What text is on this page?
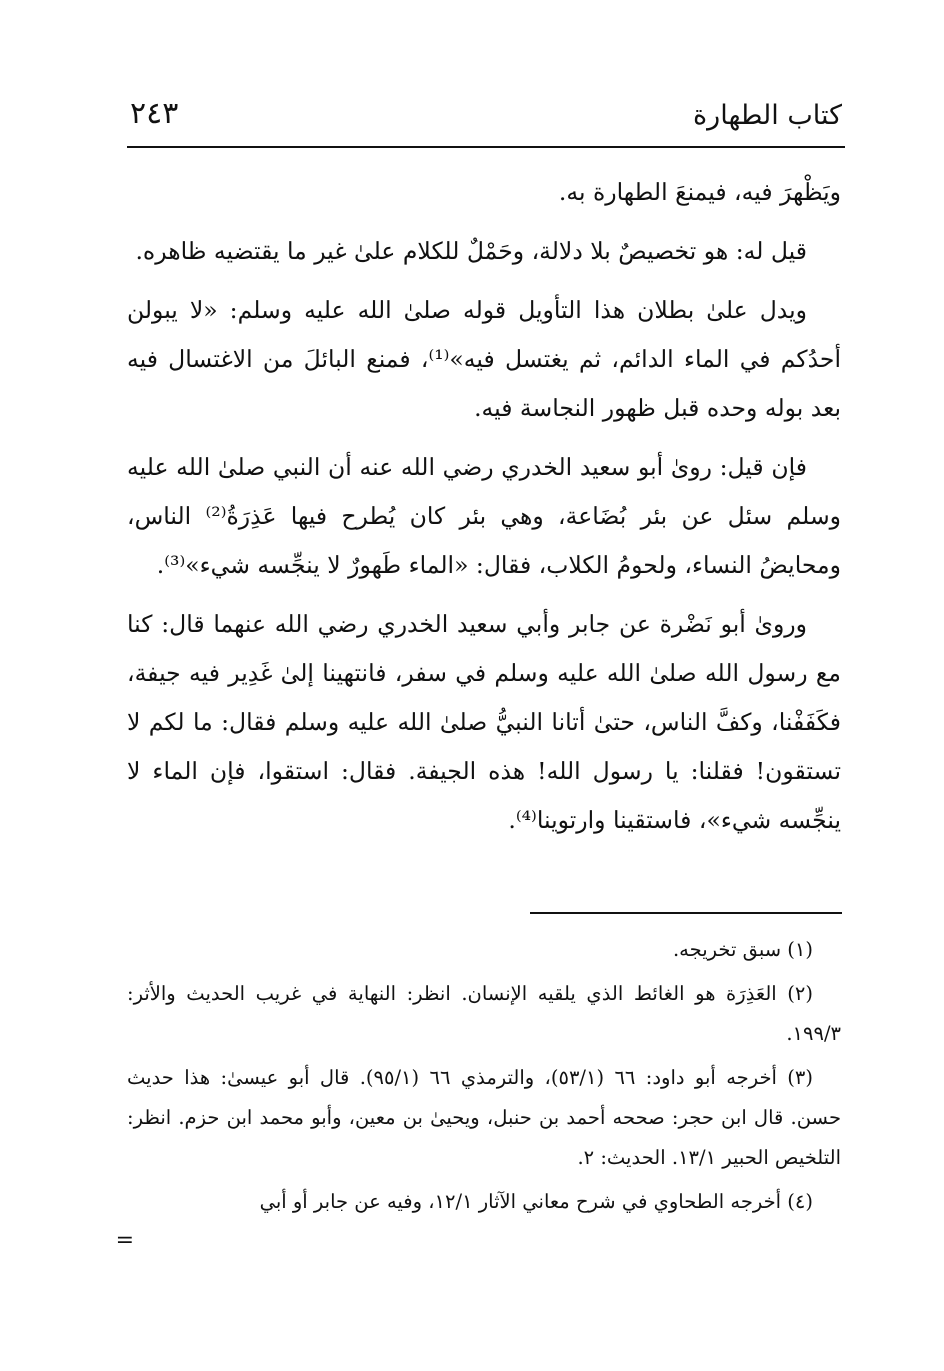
كتاب الطهارة
٢٤٣

ويَظْهرَ فيه، فيمنعَ الطهارة به.

قيل له: هو تخصيصٌ بلا دلالة، وحَمْلٌ للكلام علىٰ غير ما يقتضيه ظاهره.

ويدل علىٰ بطلان هذا التأويل قوله صلىٰ الله عليه وسلم: «لا يبولن أحدُكم في الماء الدائم، ثم يغتسل فيه»⁽¹⁾، فمنع البائلَ من الاغتسال فيه بعد بوله وحده قبل ظهور النجاسة فيه.

فإن قيل: روىٰ أبو سعيد الخدري رضي الله عنه أن النبي صلىٰ الله عليه وسلم سئل عن بئر بُضَاعة، وهي بئر كان يُطرح فيها عَذِرَةُ⁽²⁾ الناس، ومحايضُ النساء، ولحومُ الكلاب، فقال: «الماء طَهورٌ لا ينجِّسه شيء»⁽³⁾.

وروىٰ أبو نَضْرة عن جابر وأبي سعيد الخدري رضي الله عنهما قال: كنا مع رسول الله صلىٰ الله عليه وسلم في سفر، فانتهينا إلىٰ غَدِير فيه جيفة، فكَفَفْنا، وكفَّ الناس، حتىٰ أتانا النبيُّ صلىٰ الله عليه وسلم فقال: ما لكم لا تستقون! فقلنا: يا رسول الله! هذه الجيفة. فقال: استقوا، فإن الماء لا ينجِّسه شيء»، فاستقينا وارتوينا⁽⁴⁾.

(١) سبق تخريجه.

(٢) العَذِرَة هو الغائط الذي يلقيه الإنسان. انظر: النهاية في غريب الحديث والأثر: ١٩٩/٣.

(٣) أخرجه أبو داود: ٦٦ (٥٣/١)، والترمذي ٦٦ (٩٥/١). قال أبو عيسىٰ: هذا حديث حسن. قال ابن حجر: صححه أحمد بن حنبل، ويحيىٰ بن معين، وأبو محمد ابن حزم. انظر: التلخيص الحبير ١٣/١. الحديث: ٢.

(٤) أخرجه الطحاوي في شرح معاني الآثار ١٢/١، وفيه عن جابر أو أبي

=
